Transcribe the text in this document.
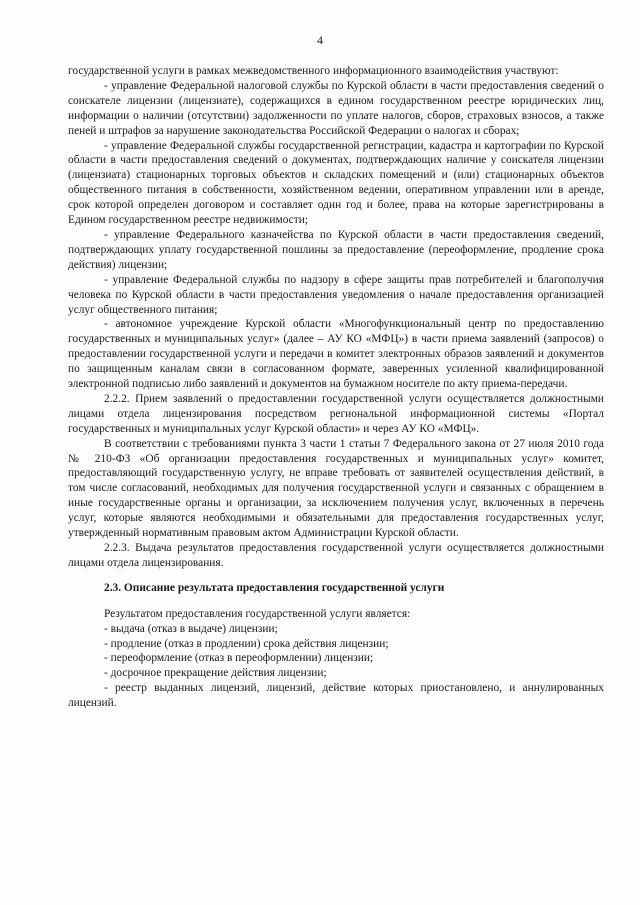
4

государственной услуги в рамках межведомственного информационного взаимодействия участвуют:

- управление Федеральной налоговой службы по Курской области в части предоставления сведений о соискателе лицензии (лицензиате), содержащихся в едином государственном реестре юридических лиц, информации о наличии (отсутствии) задолженности по уплате налогов, сборов, страховых взносов, а также пеней и штрафов за нарушение законодательства Российской Федерации о налогах и сборах;

- управление Федеральной службы государственной регистрации, кадастра и картографии по Курской области в части предоставления сведений о документах, подтверждающих наличие у соискателя лицензии (лицензиата) стационарных торговых объектов и складских помещений и (или) стационарных объектов общественного питания в собственности, хозяйственном ведении, оперативном управлении или в аренде, срок которой определен договором и составляет один год и более, права на которые зарегистрированы в Едином государственном реестре недвижимости;

- управление Федерального казначейства по Курской области в части предоставления сведений, подтверждающих уплату государственной пошлины за предоставление (переоформление, продление срока действия) лицензии;

- управление Федеральной службы по надзору в сфере защиты прав потребителей и благополучия человека по Курской области в части предоставления уведомления о начале предоставления организацией услуг общественного питания;

- автономное учреждение Курской области «Многофункциональный центр по предоставлению государственных и муниципальных услуг» (далее – АУ КО «МФЦ») в части приема заявлений (запросов) о предоставлении государственной услуги и передачи в комитет электронных образов заявлений и документов по защищенным каналам связи в согласованном формате, заверенных усиленной квалифицированной электронной подписью либо заявлений и документов на бумажном носителе по акту приема-передачи.

2.2.2. Прием заявлений о предоставлении государственной услуги осуществляется должностными лицами отдела лицензирования посредством региональной информационной системы «Портал государственных и муниципальных услуг Курской области» и через АУ КО «МФЦ».

В соответствии с требованиями пункта 3 части 1 статьи 7 Федерального закона от 27 июля 2010 года № 210-ФЗ «Об организации предоставления государственных и муниципальных услуг» комитет, предоставляющий государственную услугу, не вправе требовать от заявителей осуществления действий, в том числе согласований, необходимых для получения государственной услуги и связанных с обращением в иные государственные органы и организации, за исключением получения услуг, включенных в перечень услуг, которые являются необходимыми и обязательными для предоставления государственных услуг, утвержденный нормативным правовым актом Администрации Курской области.

2.2.3. Выдача результатов предоставления государственной услуги осуществляется должностными лицами отдела лицензирования.

2.3. Описание результата предоставления государственной услуги

Результатом предоставления государственной услуги является:

- выдача (отказ в выдаче) лицензии;

- продление (отказ в продлении) срока действия лицензии;

- переоформление (отказ в переоформлении) лицензии;

- досрочное прекращение действия лицензии;

- реестр выданных лицензий, лицензий, действие которых приостановлено, и аннулированных лицензий.
